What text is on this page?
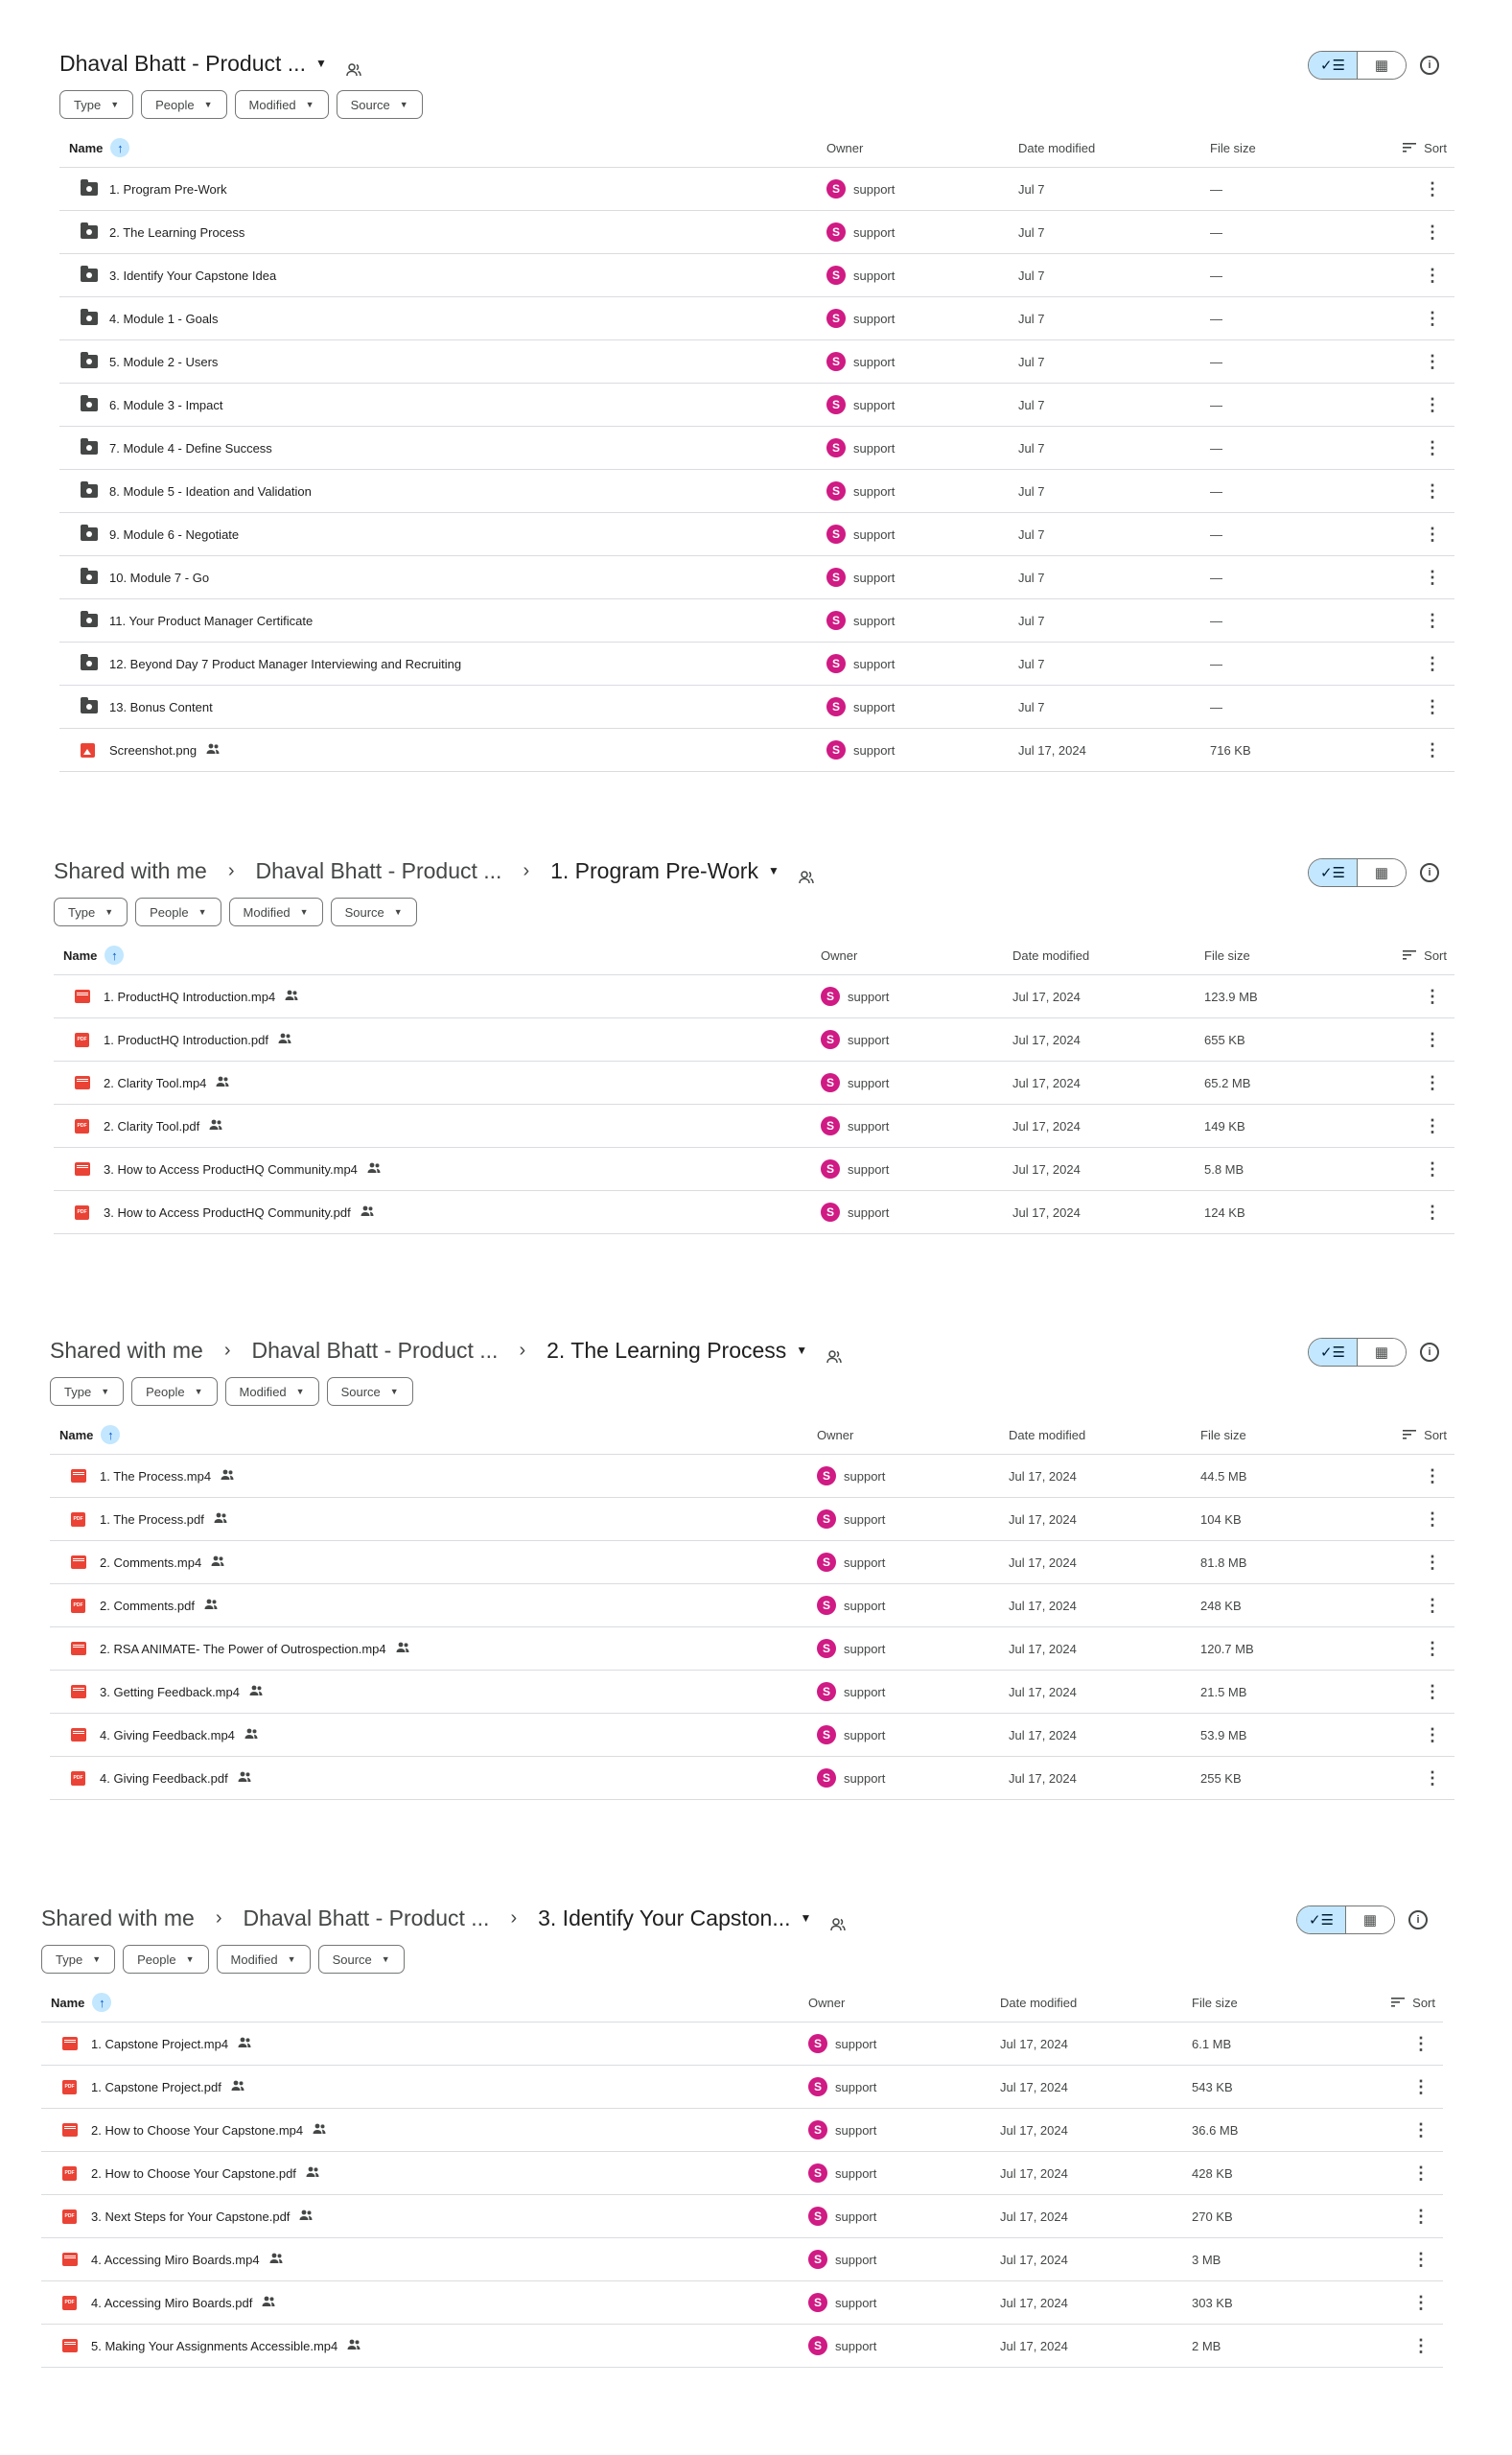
Dhaval Bhatt - Product ... ▼	✓☰	▦	i
Type ▼	People ▼	Modified ▼	Source ▼
Name	↑	Owner	Date modified	File size	Sort
1. Program Pre-Work	S	support	Jul 7	—	⋮
2. The Learning Process	S	support	Jul 7	—	⋮
3. Identify Your Capstone Idea	S	support	Jul 7	—	⋮
4. Module 1 - Goals	S	support	Jul 7	—	⋮
5. Module 2 - Users	S	support	Jul 7	—	⋮
6. Module 3 - Impact	S	support	Jul 7	—	⋮
7. Module 4 - Define Success	S	support	Jul 7	—	⋮
8. Module 5 - Ideation and Validation	S	support	Jul 7	—	⋮
9. Module 6 - Negotiate	S	support	Jul 7	—	⋮
10. Module 7 - Go	S	support	Jul 7	—	⋮
11. Your Product Manager Certificate	S	support	Jul 7	—	⋮
12. Beyond Day 7 Product Manager Interviewing and Recruiting	S	support	Jul 7	—	⋮
13. Bonus Content	S	support	Jul 7	—	⋮
Screenshot.png	S	support	Jul 17, 2024	716 KB	⋮
Shared with me › Dhaval Bhatt - Product ... › 1. Program Pre-Work ▼	✓☰	▦	i
Type ▼	People ▼	Modified ▼	Source ▼
Name	↑	Owner	Date modified	File size	Sort
1. ProductHQ Introduction.mp4	S	support	Jul 17, 2024	123.9 MB	⋮
PDF 1. ProductHQ Introduction.pdf	S	support	Jul 17, 2024	655 KB	⋮
2. Clarity Tool.mp4	S	support	Jul 17, 2024	65.2 MB	⋮
PDF 2. Clarity Tool.pdf	S	support	Jul 17, 2024	149 KB	⋮
3. How to Access ProductHQ Community.mp4	S	support	Jul 17, 2024	5.8 MB	⋮
PDF 3. How to Access ProductHQ Community.pdf	S	support	Jul 17, 2024	124 KB	⋮
Shared with me › Dhaval Bhatt - Product ... › 2. The Learning Process ▼	✓☰	▦	i
Type ▼	People ▼	Modified ▼	Source ▼
Name	↑	Owner	Date modified	File size	Sort
1. The Process.mp4	S	support	Jul 17, 2024	44.5 MB	⋮
PDF 1. The Process.pdf	S	support	Jul 17, 2024	104 KB	⋮
2. Comments.mp4	S	support	Jul 17, 2024	81.8 MB	⋮
PDF 2. Comments.pdf	S	support	Jul 17, 2024	248 KB	⋮
2. RSA ANIMATE- The Power of Outrospection.mp4	S	support	Jul 17, 2024	120.7 MB	⋮
3. Getting Feedback.mp4	S	support	Jul 17, 2024	21.5 MB	⋮
4. Giving Feedback.mp4	S	support	Jul 17, 2024	53.9 MB	⋮
PDF 4. Giving Feedback.pdf	S	support	Jul 17, 2024	255 KB	⋮
Shared with me › Dhaval Bhatt - Product ... › 3. Identify Your Capston... ▼	✓☰	▦	i
Type ▼	People ▼	Modified ▼	Source ▼
Name	↑	Owner	Date modified	File size	Sort
1. Capstone Project.mp4	S	support	Jul 17, 2024	6.1 MB	⋮
PDF 1. Capstone Project.pdf	S	support	Jul 17, 2024	543 KB	⋮
2. How to Choose Your Capstone.mp4	S	support	Jul 17, 2024	36.6 MB	⋮
PDF 2. How to Choose Your Capstone.pdf	S	support	Jul 17, 2024	428 KB	⋮
PDF 3. Next Steps for Your Capstone.pdf	S	support	Jul 17, 2024	270 KB	⋮
4. Accessing Miro Boards.mp4	S	support	Jul 17, 2024	3 MB	⋮
PDF 4. Accessing Miro Boards.pdf	S	support	Jul 17, 2024	303 KB	⋮
5. Making Your Assignments Accessible.mp4	S	support	Jul 17, 2024	2 MB	⋮
